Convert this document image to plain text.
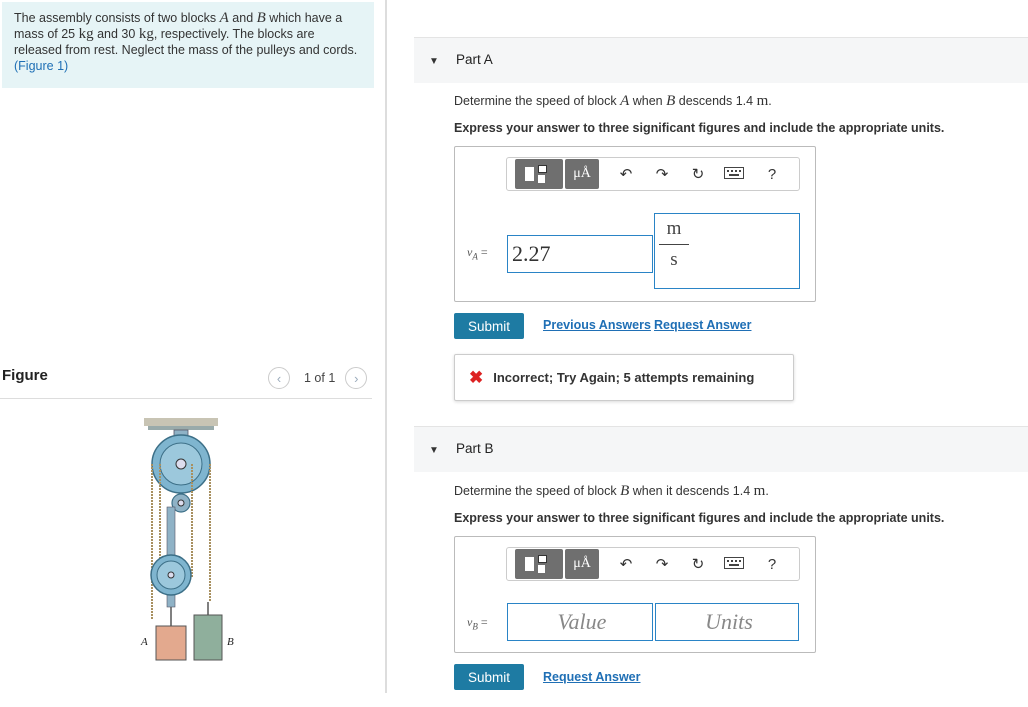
The assembly consists of two blocks A and B which have a mass of 25 kg and 30 kg, respectively. The blocks are released from rest. Neglect the mass of the pulleys and cords. (Figure 1)
Figure	‹	1 of 1	›
A	B
▼ Part A
Determine the speed of block A when B descends 1.4 m.
Express your answer to three significant figures and include the appropriate units.
μÅ	↶	↷	↻	?
$v_A = 2.27$
m
s
Submit	Previous Answers Request Answer
✖ Incorrect; Try Again; 5 attempts remaining
▼ Part B
Determine the speed of block B when it descends 1.4 m.
Express your answer to three significant figures and include the appropriate units.
μÅ	↶	↷	↻	?
$v_B$ =	Value	Units
Submit	Request Answer
